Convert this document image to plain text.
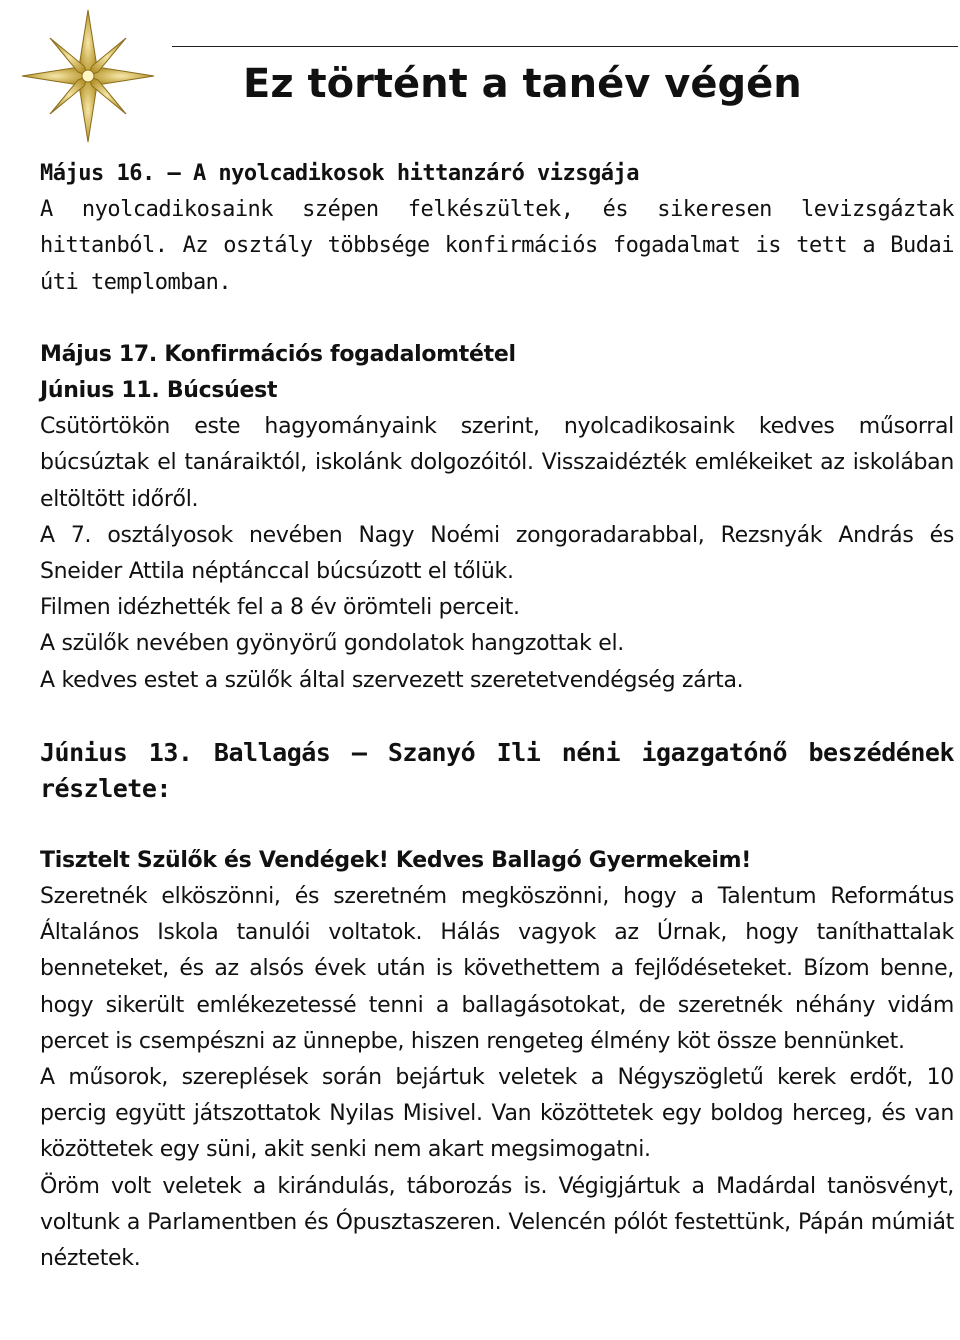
Ez történt a tanév végén

Május 16. – A nyolcadikosok hittanzáró vizsgája

A nyolcadikosaink szépen felkészültek, és sikeresen levizsgáztak hittanból. Az osztály többsége konfirmációs fogadalmat is tett a Budai úti templomban.

Május 17. Konfirmációs fogadalomtétel

Június 11. Búcsúest

Csütörtökön este hagyományaink szerint, nyolcadikosaink kedves műsorral búcsúztak el tanáraiktól, iskolánk dolgozóitól. Visszaidézték emlékeiket az iskolában eltöltött időről.

A 7. osztályosok nevében Nagy Noémi zongoradarabbal, Rezsnyák András és Sneider Attila néptánccal búcsúzott el tőlük.

Filmen idézhették fel a 8 év örömteli perceit.

A szülők nevében gyönyörű gondolatok hangzottak el.

A kedves estet a szülők által szervezett szeretetvendégség zárta.

Június 13. Ballagás – Szanyó Ili néni igazgatónő beszédének részlete:

Tisztelt Szülők és Vendégek! Kedves Ballagó Gyermekeim!

Szeretnék elköszönni, és szeretném megköszönni, hogy a Talentum Református Általános Iskola tanulói voltatok. Hálás vagyok az Úrnak, hogy taníthattalak benneteket, és az alsós évek után is követhettem a fejlődéseteket. Bízom benne, hogy sikerült emlékezetessé tenni a ballagásotokat, de szeretnék néhány vidám percet is csempészni az ünnepbe, hiszen rengeteg élmény köt össze bennünket.

A műsorok, szereplések során bejártuk veletek a Négyszögletű kerek erdőt, 10 percig együtt játszottatok Nyilas Misivel. Van közöttetek egy boldog herceg, és van közöttetek egy süni, akit senki nem akart megsimogatni.

Öröm volt veletek a kirándulás, táborozás is. Végigjártuk a Madárdal tanösvényt, voltunk a Parlamentben és Ópusztaszeren. Velencén pólót festettünk, Pápán múmiát néztetek.
